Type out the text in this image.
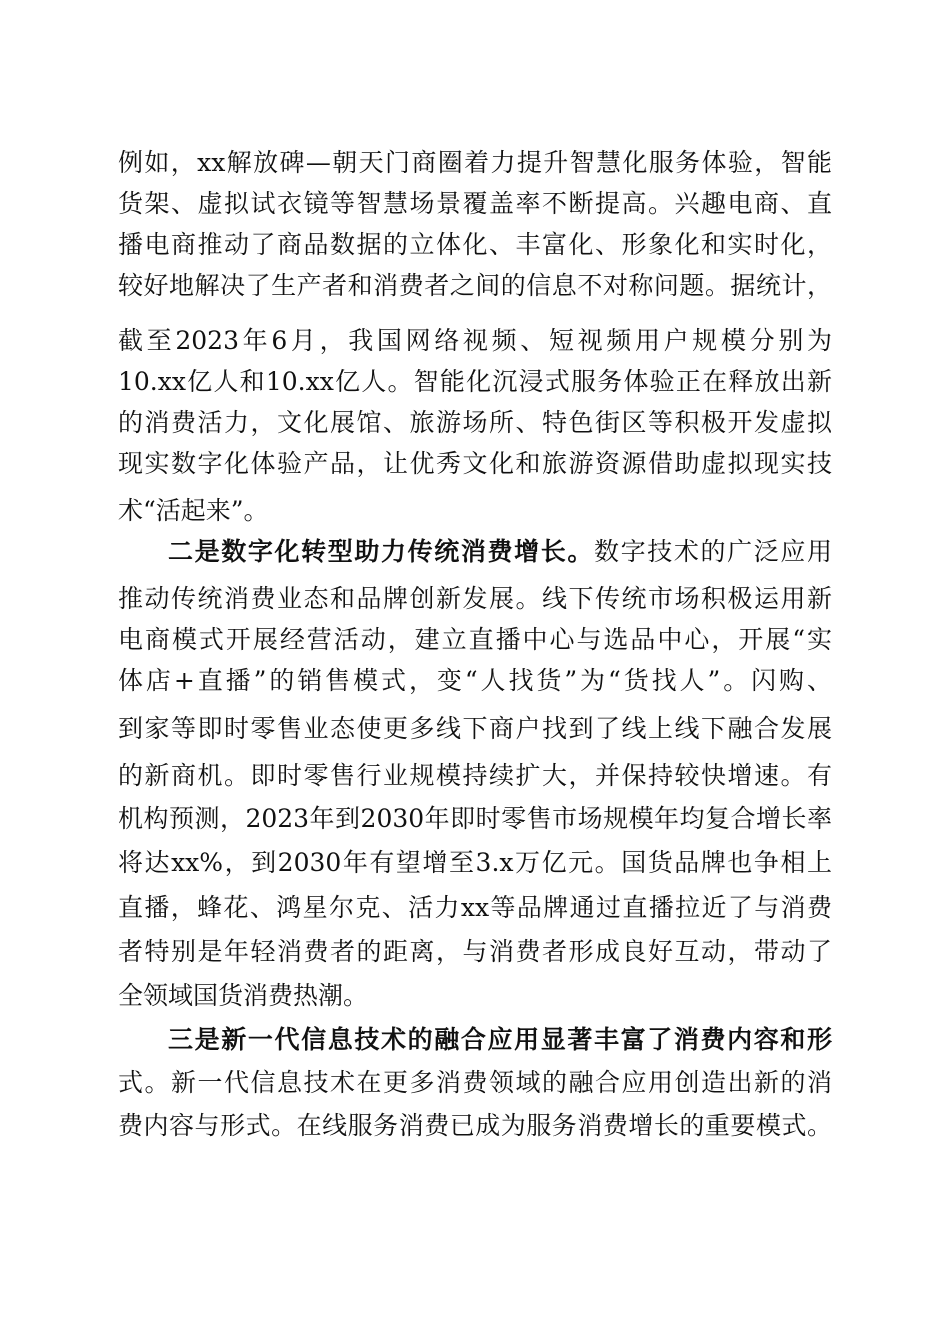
例如，xx解放碑—朝天门商圈着力提升智慧化服务体验，智能
货架、虚拟试衣镜等智慧场景覆盖率不断提高。兴趣电商、直
播电商推动了商品数据的立体化、丰富化、形象化和实时化，
较好地解决了生产者和消费者之间的信息不对称问题。据统计，
截至2023年6月，我国网络视频、短视频用户规模分别为
10.xx亿人和10.xx亿人。智能化沉浸式服务体验正在释放出新
的消费活力，文化展馆、旅游场所、特色街区等积极开发虚拟
现实数字化体验产品，让优秀文化和旅游资源借助虚拟现实技
术“活起来”。
二是数字化转型助力传统消费增长。数字技术的广泛应用
推动传统消费业态和品牌创新发展。线下传统市场积极运用新
电商模式开展经营活动，建立直播中心与选品中心，开展“实
体店+直播”的销售模式，变“人找货”为“货找人”。闪购、
到家等即时零售业态使更多线下商户找到了线上线下融合发展
的新商机。即时零售行业规模持续扩大，并保持较快增速。有
机构预测，2023年到2030年即时零售市场规模年均复合增长率
将达xx%，到2030年有望增至3.x万亿元。国货品牌也争相上
直播，蜂花、鸿星尔克、活力xx等品牌通过直播拉近了与消费
者特别是年轻消费者的距离，与消费者形成良好互动，带动了
全领域国货消费热潮。
三是新一代信息技术的融合应用显著丰富了消费内容和形
式。新一代信息技术在更多消费领域的融合应用创造出新的消
费内容与形式。在线服务消费已成为服务消费增长的重要模式。
